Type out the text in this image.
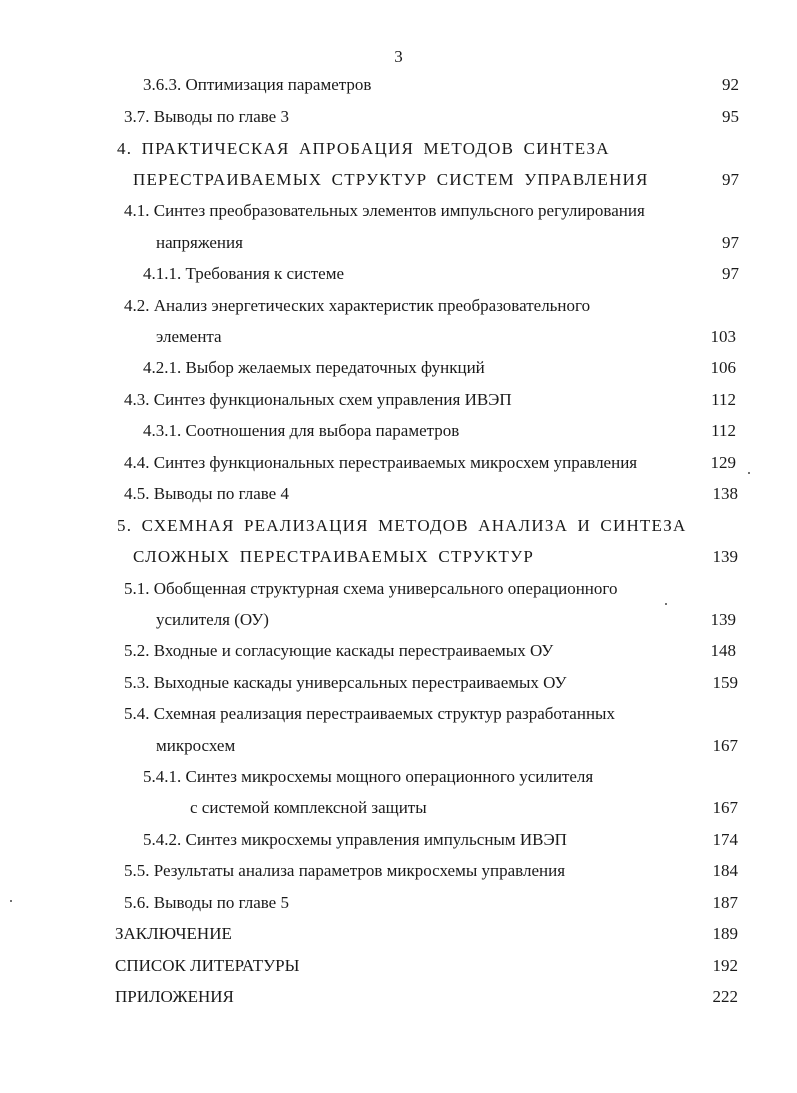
3
3.6.3. Оптимизация параметров	92
3.7. Выводы по главе 3	95
4. ПРАКТИЧЕСКАЯ АПРОБАЦИЯ МЕТОДОВ СИНТЕЗА
ПЕРЕСТРАИВАЕМЫХ СТРУКТУР СИСТЕМ УПРАВЛЕНИЯ	97
4.1. Синтез преобразовательных элементов импульсного регулирования
напряжения	97
4.1.1. Требования к системе	97
4.2. Анализ энергетических характеристик преобразовательного
элемента	103
4.2.1. Выбор желаемых передаточных функций	106
4.3. Синтез функциональных схем управления ИВЭП	112
4.3.1. Соотношения для выбора параметров	112
4.4. Синтез функциональных перестраиваемых микросхем управления	129
4.5. Выводы по главе 4	138
5. СХЕМНАЯ РЕАЛИЗАЦИЯ МЕТОДОВ АНАЛИЗА И СИНТЕЗА
СЛОЖНЫХ ПЕРЕСТРАИВАЕМЫХ СТРУКТУР	139
5.1. Обобщенная структурная схема универсального операционного
усилителя (ОУ)	139
5.2. Входные и согласующие каскады перестраиваемых ОУ	148
5.3. Выходные каскады универсальных перестраиваемых ОУ	159
5.4. Схемная реализация перестраиваемых структур разработанных
микросхем	167
5.4.1. Синтез микросхемы мощного операционного усилителя
с системой комплексной защиты	167
5.4.2. Синтез микросхемы управления импульсным ИВЭП	174
5.5. Результаты анализа параметров микросхемы управления	184
5.6. Выводы по главе 5	187
ЗАКЛЮЧЕНИЕ	189
СПИСОК ЛИТЕРАТУРЫ	192
ПРИЛОЖЕНИЯ	222
